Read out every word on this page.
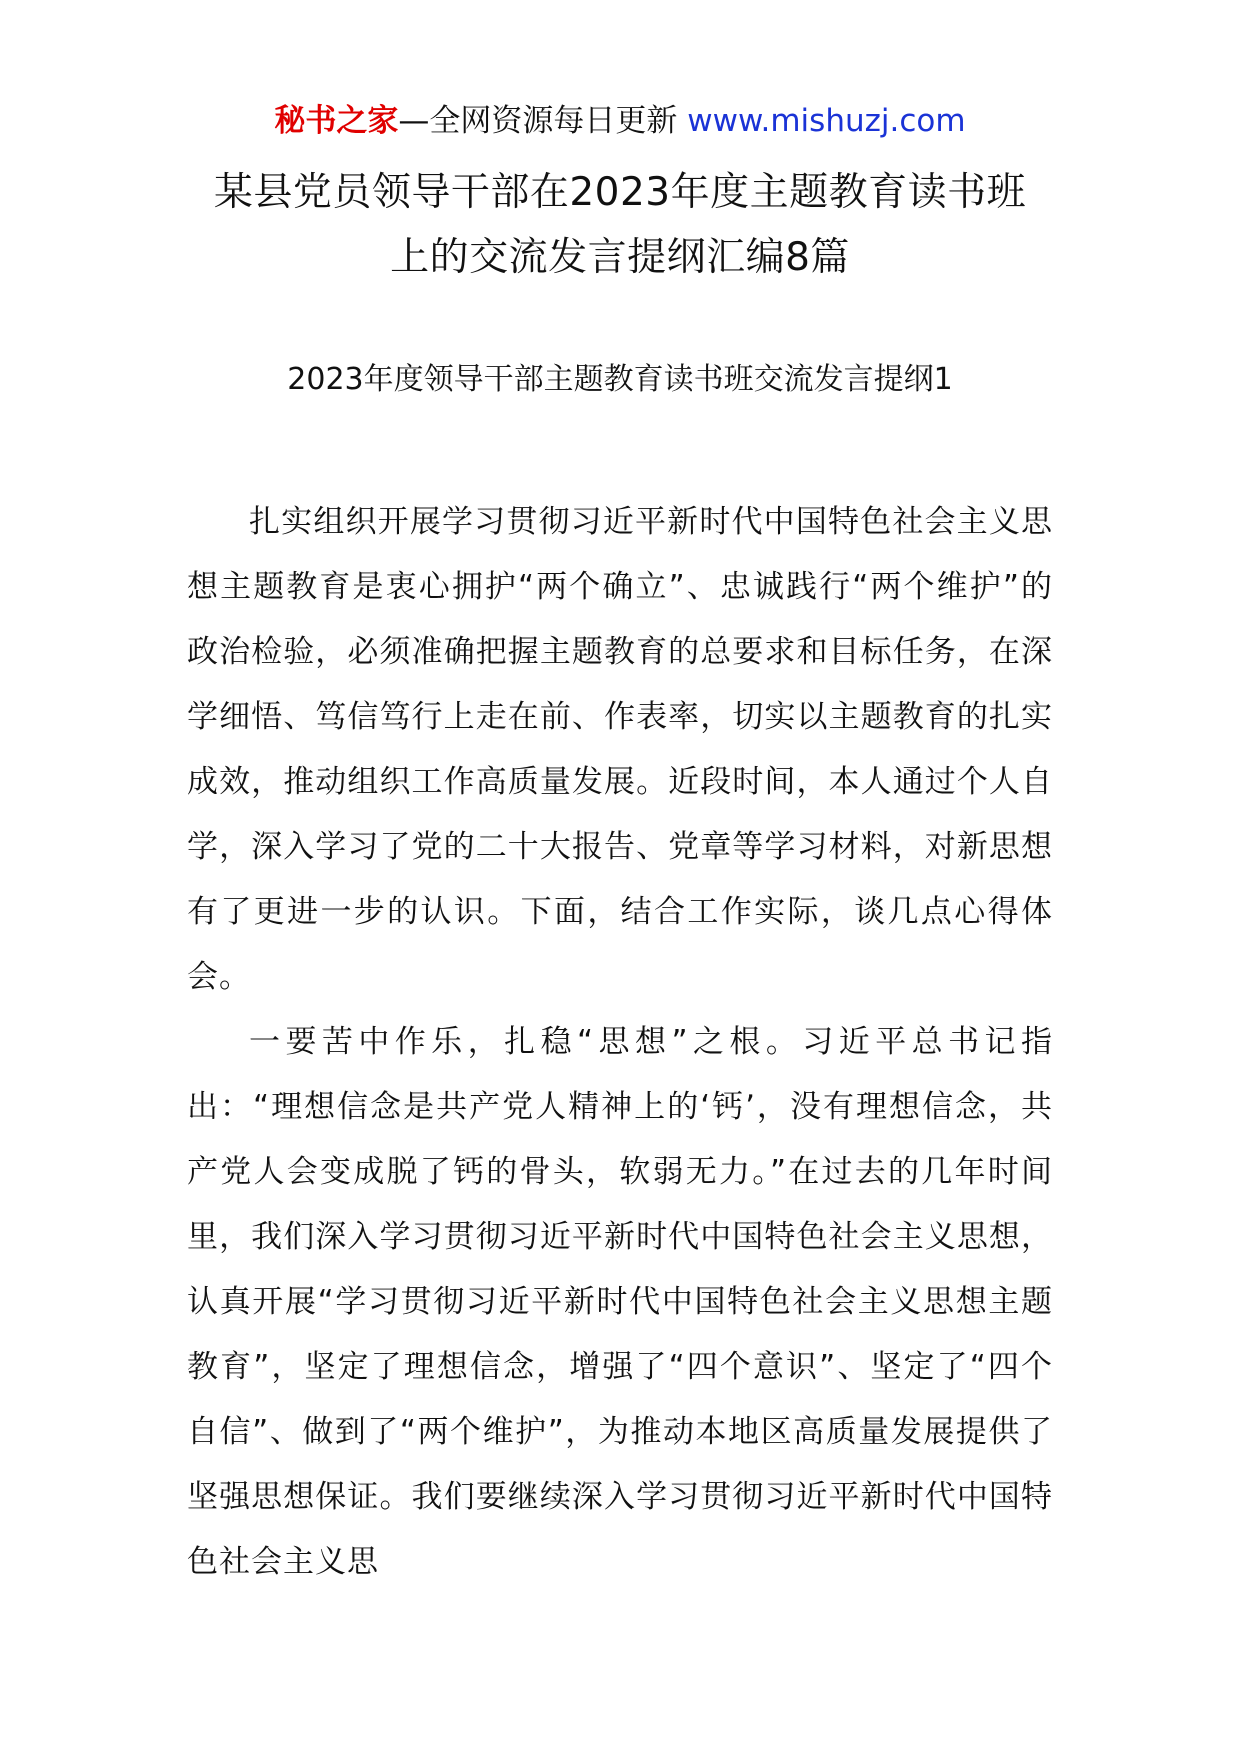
秘书之家—全网资源每日更新 www.mishuzj.com
某县党员领导干部在2023年度主题教育读书班
上的交流发言提纲汇编8篇
2023年度领导干部主题教育读书班交流发言提纲1

扎实组织开展学习贯彻习近平新时代中国特色社会主义思想主题教育是衷心拥护“两个确立”、忠诚践行“两个维护”的政治检验，必须准确把握主题教育的总要求和目标任务，在深学细悟、笃信笃行上走在前、作表率，切实以主题教育的扎实成效，推动组织工作高质量发展。近段时间，本人通过个人自学，深入学习了党的二十大报告、党章等学习材料，对新思想有了更进一步的认识。下面，结合工作实际，谈几点心得体会。

一要苦中作乐，扎稳“思想”之根。习近平总书记指出：“理想信念是共产党人精神上的‘钙’，没有理想信念，共产党人会变成脱了钙的骨头，软弱无力。”在过去的几年时间里，我们深入学习贯彻习近平新时代中国特色社会主义思想，认真开展“学习贯彻习近平新时代中国特色社会主义思想主题教育”，坚定了理想信念，增强了“四个意识”、坚定了“四个自信”、做到了“两个维护”，为推动本地区高质量发展提供了坚强思想保证。我们要继续深入学习贯彻习近平新时代中国特色社会主义思
